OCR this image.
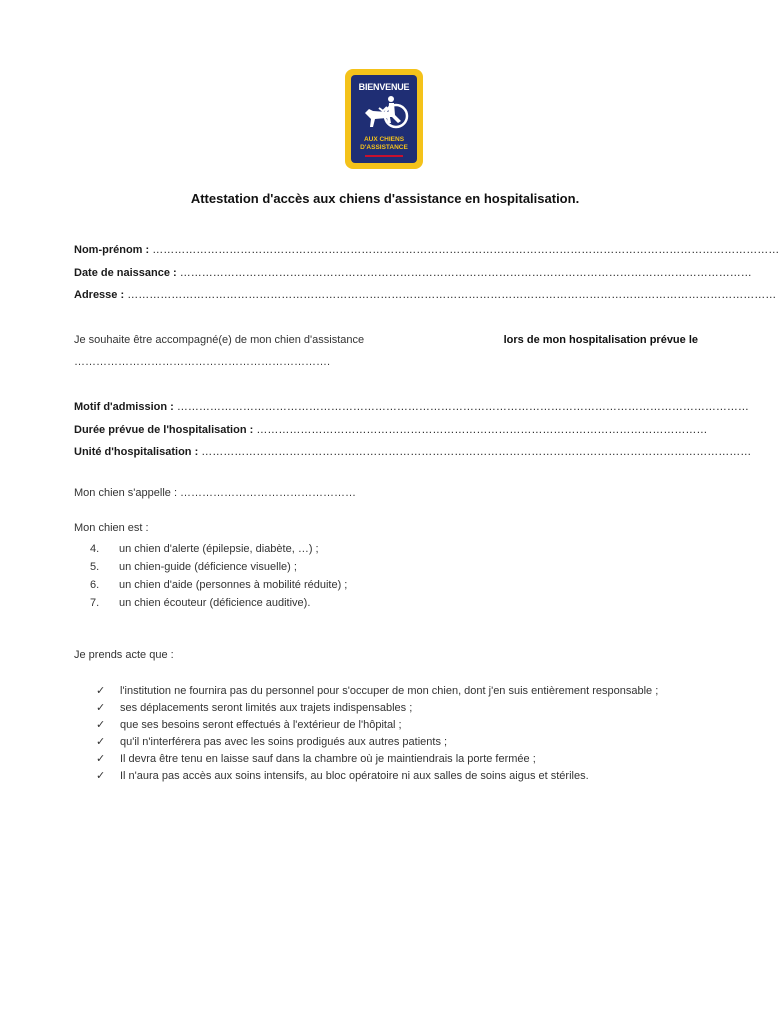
BIENVENUE
AUX CHIENS
D'ASSISTANCE
Attestation d'accès aux chiens d'assistance en hospitalisation.
Nom-prénom : ………………………………………………………………………………………………………………………………………………………
Date de naissance : …………………………………………………………………………………………………………………………………………
Adresse : ……………………………………………………………………………………………………………………………………………………………
Je souhaite être accompagné(e) de mon chien d'assistance	lors de mon hospitalisation prévue le
…………………………………………………………….
Motif d'admission : …………………………………………………………………………………………………………………………………………
Durée prévue de l'hospitalisation : ……………………………………………………………………………………………………………
Unité d'hospitalisation : ……………………………………………………………………………………………………………………………………
Mon chien s'appelle : …………………………………………
Mon chien est :
4.	un chien d'alerte (épilepsie, diabète, …) ;
5.	un chien-guide (déficience visuelle) ;
6.	un chien d'aide (personnes à mobilité réduite) ;
7.	un chien écouteur (déficience auditive).
Je prends acte que :
✓ l'institution ne fournira pas du personnel pour s'occuper de mon chien, dont j'en suis entièrement responsable ;
✓ ses déplacements seront limités aux trajets indispensables ;
✓ que ses besoins seront effectués à l'extérieur de l'hôpital ;
✓ qu'il n'interférera pas avec les soins prodigués aux autres patients ;
✓ Il devra être tenu en laisse sauf dans la chambre où je maintiendrais la porte fermée ;
✓ Il n'aura pas accès aux soins intensifs, au bloc opératoire ni aux salles de soins aigus et stériles.
